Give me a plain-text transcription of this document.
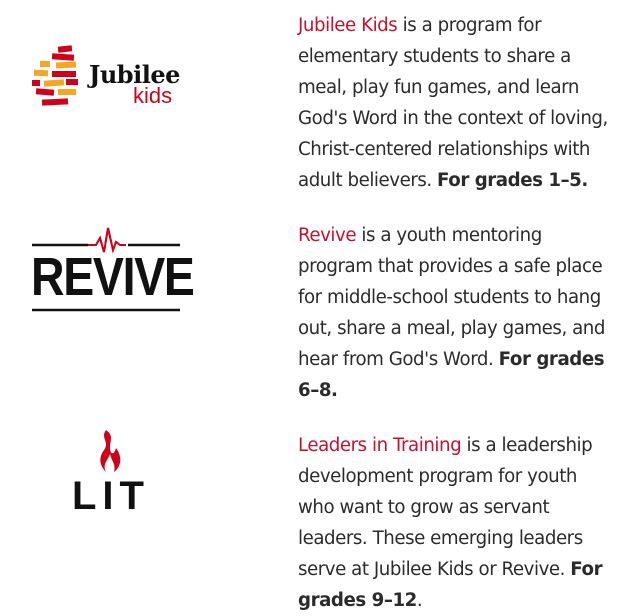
Jubilee
kids

Jubilee Kids is a program for elementary students to share a meal, play fun games, and learn God's Word in the context of loving, Christ-centered relationships with adult believers. For grades 1–5.

REVIVE

Revive is a youth mentoring program that provides a safe place for middle-school students to hang out, share a meal, play games, and hear from God's Word. For grades 6–8.

LIT

Leaders in Training is a leadership development program for youth who want to grow as servant leaders. These emerging leaders serve at Jubilee Kids or Revive. For grades 9–12.
